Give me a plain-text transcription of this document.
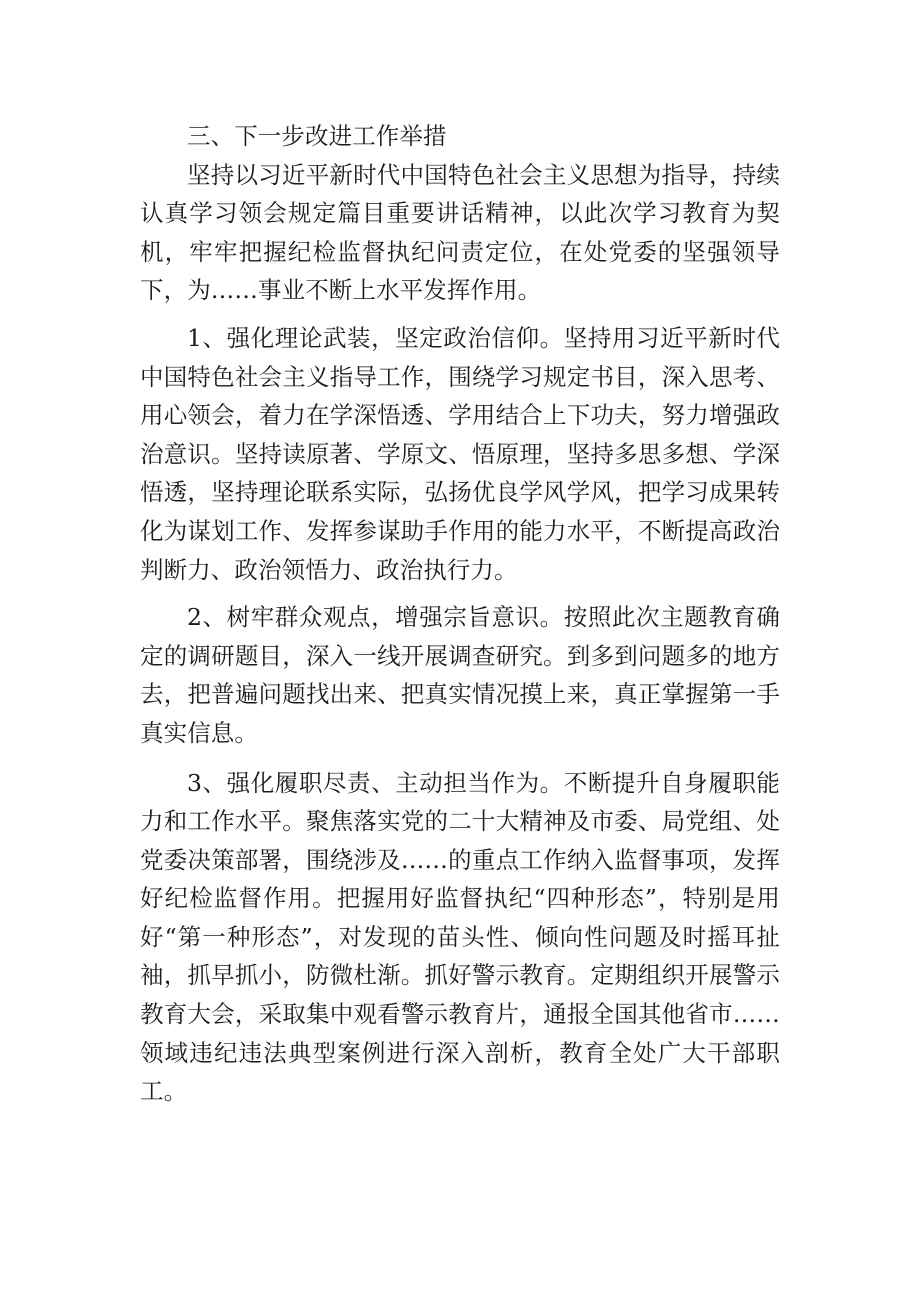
三、下一步改进工作举措

坚持以习近平新时代中国特色社会主义思想为指导，持续认真学习领会规定篇目重要讲话精神，以此次学习教育为契机，牢牢把握纪检监督执纪问责定位，在处党委的坚强领导下，为……事业不断上水平发挥作用。

1、强化理论武装，坚定政治信仰。坚持用习近平新时代中国特色社会主义指导工作，围绕学习规定书目，深入思考、用心领会，着力在学深悟透、学用结合上下功夫，努力增强政治意识。坚持读原著、学原文、悟原理，坚持多思多想、学深悟透，坚持理论联系实际，弘扬优良学风学风，把学习成果转化为谋划工作、发挥参谋助手作用的能力水平，不断提高政治判断力、政治领悟力、政治执行力。

2、树牢群众观点，增强宗旨意识。按照此次主题教育确定的调研题目，深入一线开展调查研究。到多到问题多的地方去，把普遍问题找出来、把真实情况摸上来，真正掌握第一手真实信息。

3、强化履职尽责、主动担当作为。不断提升自身履职能力和工作水平。聚焦落实党的二十大精神及市委、局党组、处党委决策部署，围绕涉及……的重点工作纳入监督事项，发挥好纪检监督作用。把握用好监督执纪“四种形态”，特别是用好“第一种形态”，对发现的苗头性、倾向性问题及时摇耳扯袖，抓早抓小，防微杜渐。抓好警示教育。定期组织开展警示教育大会，采取集中观看警示教育片，通报全国其他省市……领域违纪违法典型案例进行深入剖析，教育全处广大干部职工。
